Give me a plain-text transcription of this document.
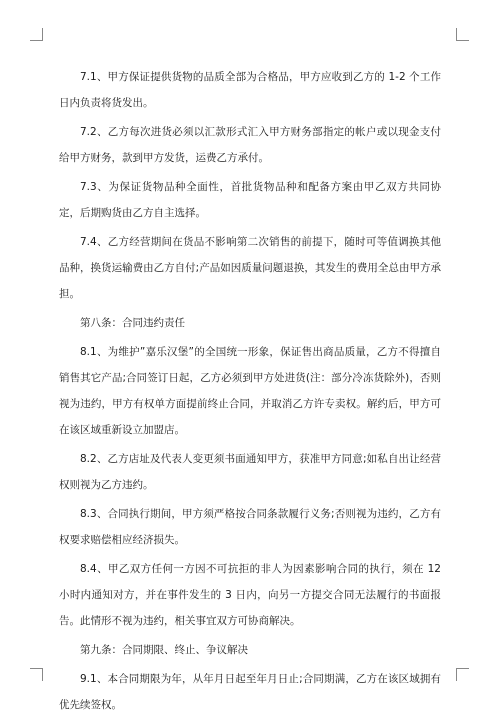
7.1、甲方保证提供货物的品质全部为合格品，甲方应收到乙方的 1-2 个工作日内负责将货发出。

7.2、乙方每次进货必须以汇款形式汇入甲方财务部指定的帐户或以现金支付给甲方财务，款到甲方发货，运费乙方承付。

7.3、为保证货物品种全面性，首批货物品种和配备方案由甲乙双方共同协定，后期购货由乙方自主选择。

7.4、乙方经营期间在货品不影响第二次销售的前提下，随时可等值调换其他品种，换货运输费由乙方自付;产品如因质量问题退换，其发生的费用全总由甲方承担。

第八条：合同违约责任

8.1、为维护”嘉乐汉堡”的全国统一形象，保证售出商品质量，乙方不得擅自销售其它产品;合同签订日起，乙方必须到甲方处进货(注：部分冷冻货除外)，否则视为违约，甲方有权单方面提前终止合同，并取消乙方许专卖权。解约后，甲方可在该区域重新设立加盟店。

8.2、乙方店址及代表人变更须书面通知甲方，获准甲方同意;如私自出让经营权则视为乙方违约。

8.3、合同执行期间，甲方须严格按合同条款履行义务;否则视为违约，乙方有权要求赔偿相应经济损失。

8.4、甲乙双方任何一方因不可抗拒的非人为因素影响合同的执行，须在 12 小时内通知对方，并在事件发生的 3 日内，向另一方提交合同无法履行的书面报告。此情形不视为违约，相关事宜双方可协商解决。

第九条：合同期限、终止、争议解决

9.1、本合同期限为年，从年月日起至年月日止;合同期满，乙方在该区域拥有优先续签权。
